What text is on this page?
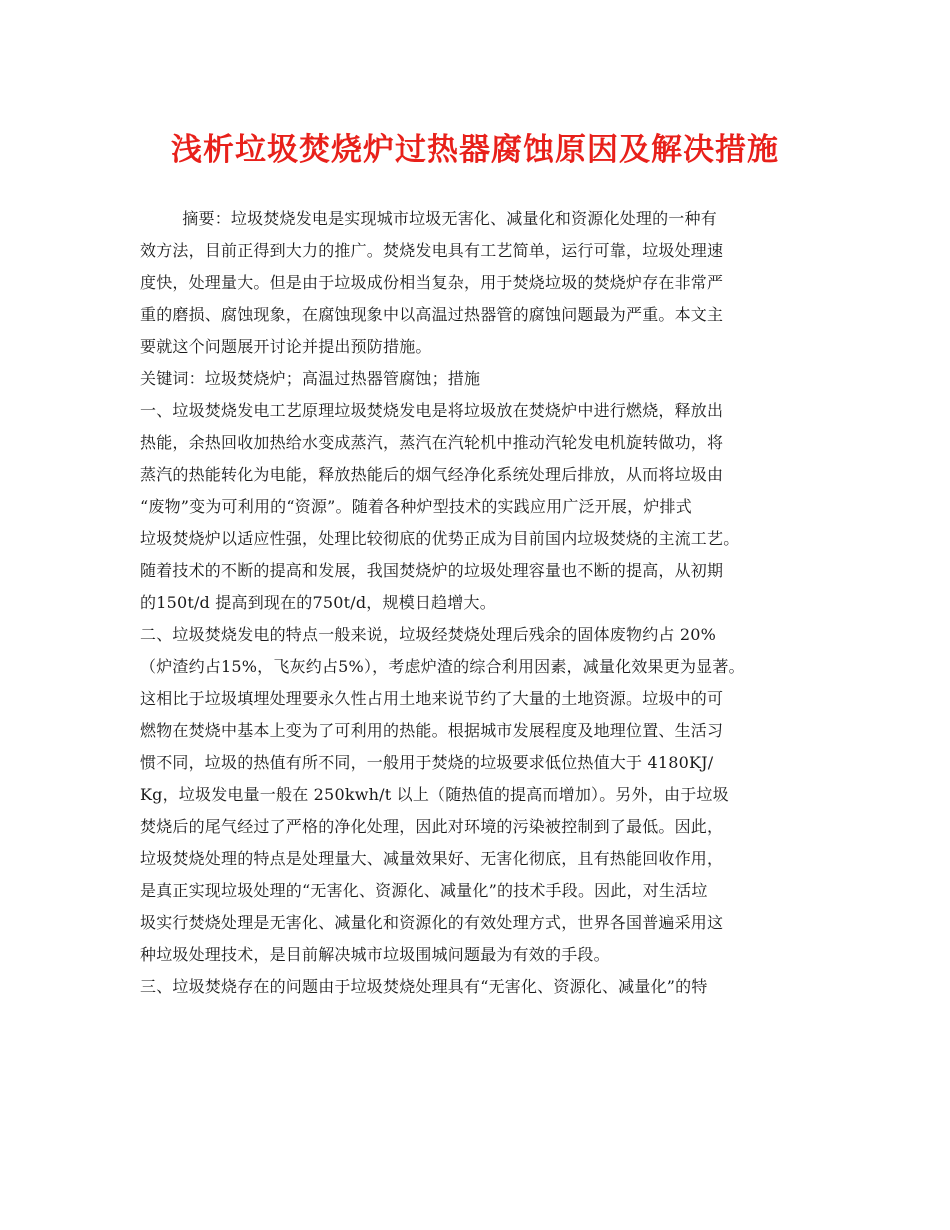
浅析垃圾焚烧炉过热器腐蚀原因及解决措施
摘要：垃圾焚烧发电是实现城市垃圾无害化、减量化和资源化处理的一种有
效方法，目前正得到大力的推广。焚烧发电具有工艺简单，运行可靠，垃圾处理速
度快，处理量大。但是由于垃圾成份相当复杂，用于焚烧垃圾的焚烧炉存在非常严
重的磨损、腐蚀现象，在腐蚀现象中以高温过热器管的腐蚀问题最为严重。本文主
要就这个问题展开讨论并提出预防措施。
关键词：垃圾焚烧炉；高温过热器管腐蚀；措施
一、垃圾焚烧发电工艺原理垃圾焚烧发电是将垃圾放在焚烧炉中进行燃烧，释放出
热能，余热回收加热给水变成蒸汽，蒸汽在汽轮机中推动汽轮发电机旋转做功，将
蒸汽的热能转化为电能，释放热能后的烟气经净化系统处理后排放，从而将垃圾由
“废物”变为可利用的“资源”。随着各种炉型技术的实践应用广泛开展，炉排式
垃圾焚烧炉以适应性强，处理比较彻底的优势正成为目前国内垃圾焚烧的主流工艺。
随着技术的不断的提高和发展，我国焚烧炉的垃圾处理容量也不断的提高，从初期
的150t/d 提高到现在的750t/d，规模日趋增大。
二、垃圾焚烧发电的特点一般来说，垃圾经焚烧处理后残余的固体废物约占 20%
（炉渣约占15%，飞灰约占5%），考虑炉渣的综合利用因素，减量化效果更为显著。
这相比于垃圾填埋处理要永久性占用土地来说节约了大量的土地资源。垃圾中的可
燃物在焚烧中基本上变为了可利用的热能。根据城市发展程度及地理位置、生活习
惯不同，垃圾的热值有所不同，一般用于焚烧的垃圾要求低位热值大于 4180KJ/
Kg，垃圾发电量一般在 250kwh/t 以上（随热值的提高而增加）。另外，由于垃圾
焚烧后的尾气经过了严格的净化处理，因此对环境的污染被控制到了最低。因此，
垃圾焚烧处理的特点是处理量大、减量效果好、无害化彻底，且有热能回收作用，
是真正实现垃圾处理的“无害化、资源化、减量化”的技术手段。因此，对生活垃
圾实行焚烧处理是无害化、减量化和资源化的有效处理方式，世界各国普遍采用这
种垃圾处理技术，是目前解决城市垃圾围城问题最为有效的手段。
三、垃圾焚烧存在的问题由于垃圾焚烧处理具有“无害化、资源化、减量化”的特
